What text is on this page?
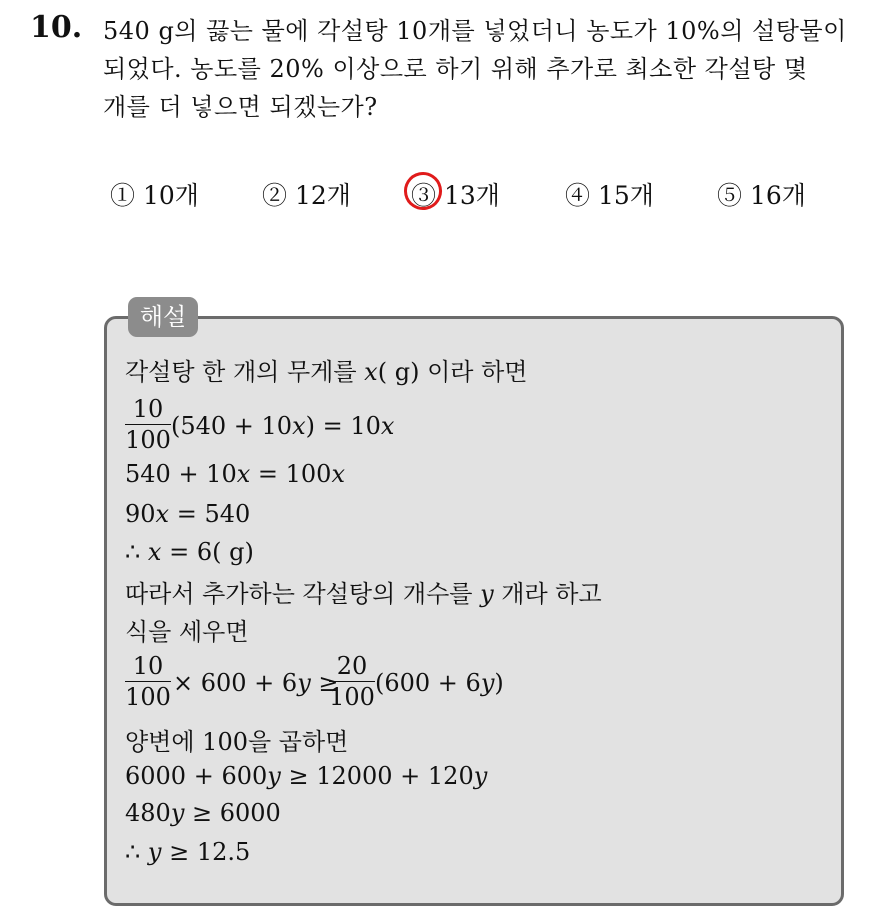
10. 540 g의 끓는 물에 각설탕 10개를 넣었더니 농도가 10%의 설탕물이
되었다. 농도를 20% 이상으로 하기 위해 추가로 최소한 각설탕 몇
개를 더 넣으면 되겠는가?
① 10개	② 12개 ③ 13개	④ 15개	⑤ 16개
해설
각설탕 한 개의 무게를 x( g) 이라 하면
10
100 (540 + 10x) = 10x
540 + 10x = 100x
90x = 540
∴ x = 6( g)
따라서 추가하는 각설탕의 개수를 y 개라 하고
식을 세우면
10
100 × 600 + 6y ≥
20
100 (600 + 6y)
양변에 100을 곱하면
6000 + 600y ≥ 12000 + 120y
480y ≥ 6000
∴ y ≥ 12.5
